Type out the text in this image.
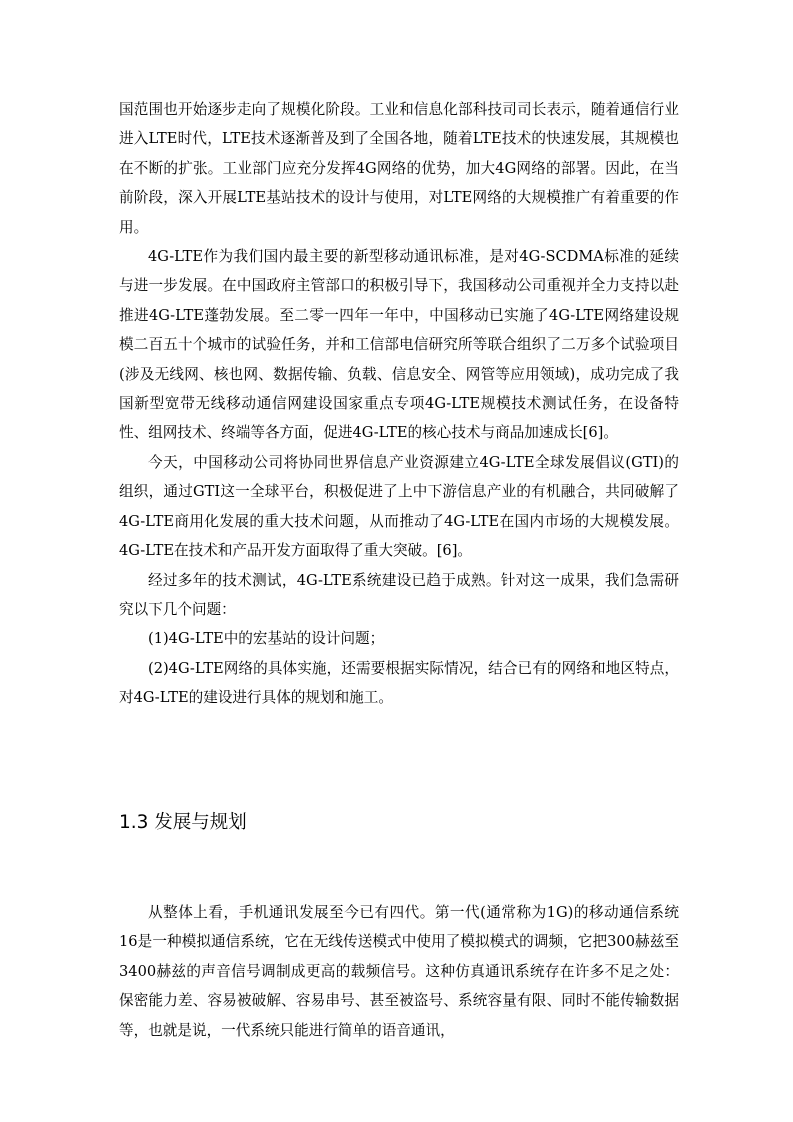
国范围也开始逐步走向了规模化阶段。工业和信息化部科技司司长表示，随着通信行业进入LTE时代，LTE技术逐渐普及到了全国各地，随着LTE技术的快速发展，其规模也在不断的扩张。工业部门应充分发挥4G网络的优势，加大4G网络的部署。因此，在当前阶段，深入开展LTE基站技术的设计与使用，对LTE网络的大规模推广有着重要的作用。

4G-LTE作为我们国内最主要的新型移动通讯标准，是对4G-SCDMA标准的延续与进一步发展。在中国政府主管部口的积极引导下，我国移动公司重视并全力支持以赴推进4G-LTE蓬勃发展。至二零一四年一年中，中国移动已实施了4G-LTE网络建设规模二百五十个城市的试验任务，并和工信部电信研究所等联合组织了二万多个试验项目(涉及无线网、核也网、数据传输、负载、信息安全、网管等应用领域)，成功完成了我国新型宽带无线移动通信网建设国家重点专项4G-LTE规模技术测试任务，在设备特性、组网技术、终端等各方面，促进4G-LTE的核心技术与商品加速成长[6]。

今天，中国移动公司将协同世界信息产业资源建立4G-LTE全球发展倡议(GTI)的组织，通过GTI这一全球平台，积极促进了上中下游信息产业的有机融合，共同破解了4G-LTE商用化发展的重大技术问题，从而推动了4G-LTE在国内市场的大规模发展。4G-LTE在技术和产品开发方面取得了重大突破。[6]。

经过多年的技术测试，4G-LTE系统建设已趋于成熟。针对这一成果，我们急需研究以下几个问题：

(1)4G-LTE中的宏基站的设计问题；

(2)4G-LTE网络的具体实施，还需要根据实际情况，结合已有的网络和地区特点，对4G-LTE的建设进行具体的规划和施工。

1.3 发展与规划

从整体上看，手机通讯发展至今已有四代。第一代(通常称为1G)的移动通信系统16是一种模拟通信系统，它在无线传送模式中使用了模拟模式的调频，它把300赫兹至3400赫兹的声音信号调制成更高的载频信号。这种仿真通讯系统存在许多不足之处：保密能力差、容易被破解、容易串号、甚至被盗号、系统容量有限、同时不能传输数据等，也就是说，一代系统只能进行简单的语音通讯，
